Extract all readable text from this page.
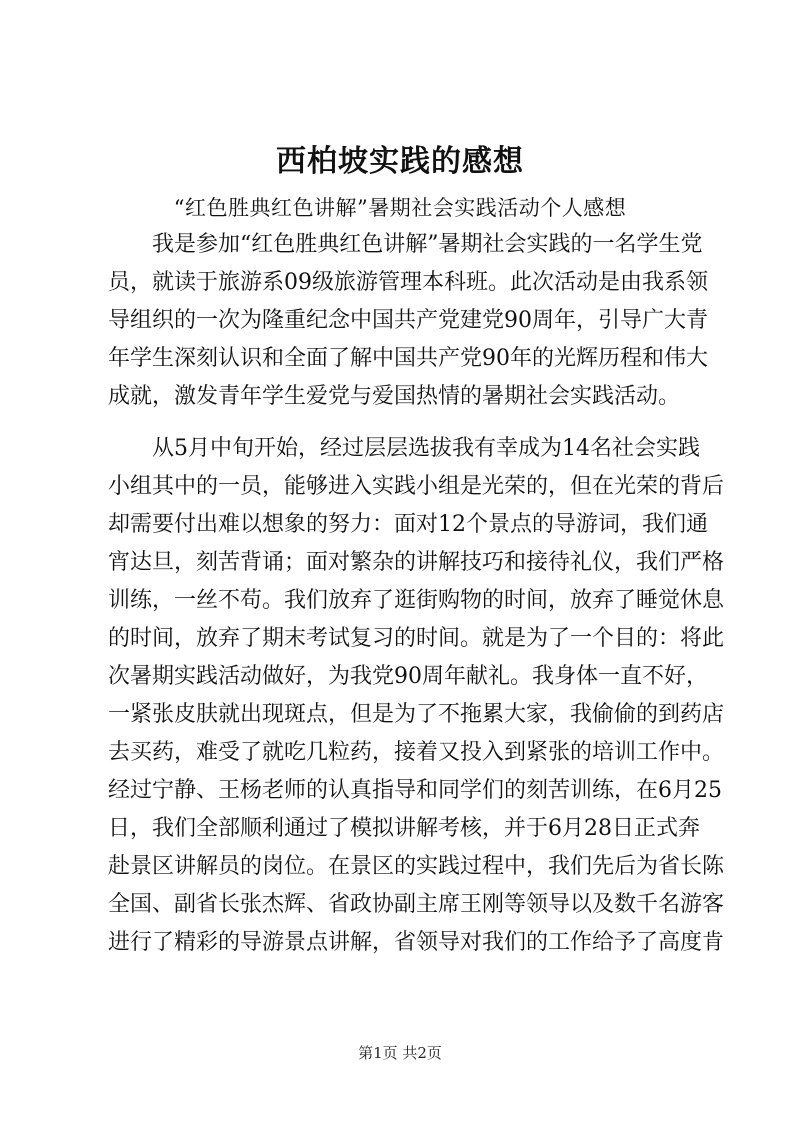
西柏坡实践的感想
“红色胜典红色讲解”暑期社会实践活动个人感想
我是参加“红色胜典红色讲解”暑期社会实践的一名学生党
员，就读于旅游系09级旅游管理本科班。此次活动是由我系领
导组织的一次为隆重纪念中国共产党建党90周年，引导广大青
年学生深刻认识和全面了解中国共产党90年的光辉历程和伟大
成就，激发青年学生爱党与爱国热情的暑期社会实践活动。
从5月中旬开始，经过层层选拔我有幸成为14名社会实践
小组其中的一员，能够进入实践小组是光荣的，但在光荣的背后
却需要付出难以想象的努力：面对12个景点的导游词，我们通
宵达旦，刻苦背诵；面对繁杂的讲解技巧和接待礼仪，我们严格
训练，一丝不苟。我们放弃了逛街购物的时间，放弃了睡觉休息
的时间，放弃了期末考试复习的时间。就是为了一个目的：将此
次暑期实践活动做好，为我党90周年献礼。我身体一直不好，
一紧张皮肤就出现斑点，但是为了不拖累大家，我偷偷的到药店
去买药，难受了就吃几粒药，接着又投入到紧张的培训工作中。
经过宁静、王杨老师的认真指导和同学们的刻苦训练，在6月25
日，我们全部顺利通过了模拟讲解考核，并于6月28日正式奔
赴景区讲解员的岗位。在景区的实践过程中，我们先后为省长陈
全国、副省长张杰辉、省政协副主席王刚等领导以及数千名游客
进行了精彩的导游景点讲解，省领导对我们的工作给予了高度肯
第1页 共2页
